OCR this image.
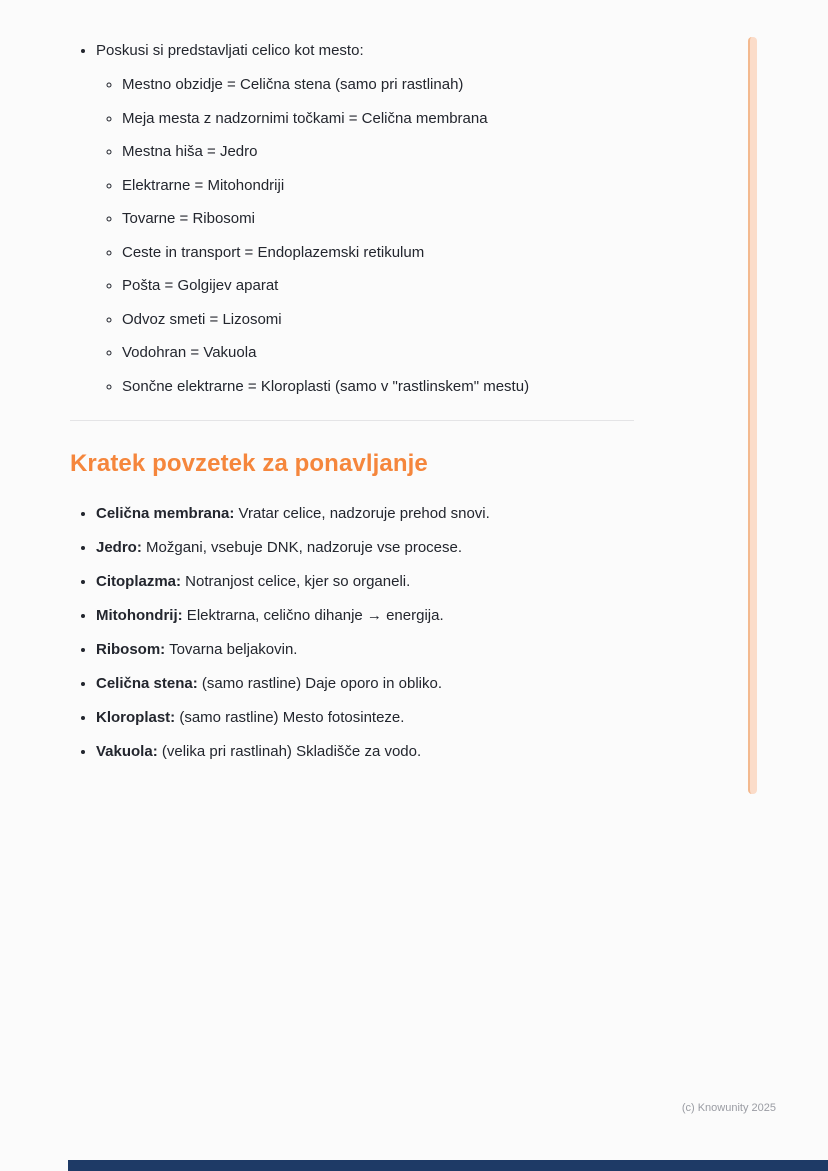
• Poskusi si predstavljati celico kot mesto:
◦ Mestno obzidje = Celična stena (samo pri rastlinah)
◦ Meja mesta z nadzornimi točkami = Celična membrana
◦ Mestna hiša = Jedro
◦ Elektrarne = Mitohondriji
◦ Tovarne = Ribosomi
◦ Ceste in transport = Endoplazemski retikulum
◦ Pošta = Golgijev aparat
◦ Odvoz smeti = Lizosomi
◦ Vodohran = Vakuola
◦ Sončne elektrarne = Kloroplasti (samo v "rastlinskem" mestu)
Kratek povzetek za ponavljanje
• Celična membrana: Vratar celice, nadzoruje prehod snovi.
• Jedro: Možgani, vsebuje DNK, nadzoruje vse procese.
• Citoplazma: Notranjost celice, kjer so organeli.
• Mitohondrij: Elektrarna, celično dihanje → energija.
• Ribosom: Tovarna beljakovin.
• Celična stena: (samo rastline) Daje oporo in obliko.
• Kloroplast: (samo rastline) Mesto fotosinteze.
• Vakuola: (velika pri rastlinah) Skladišče za vodo.
(c) Knowunity 2025
